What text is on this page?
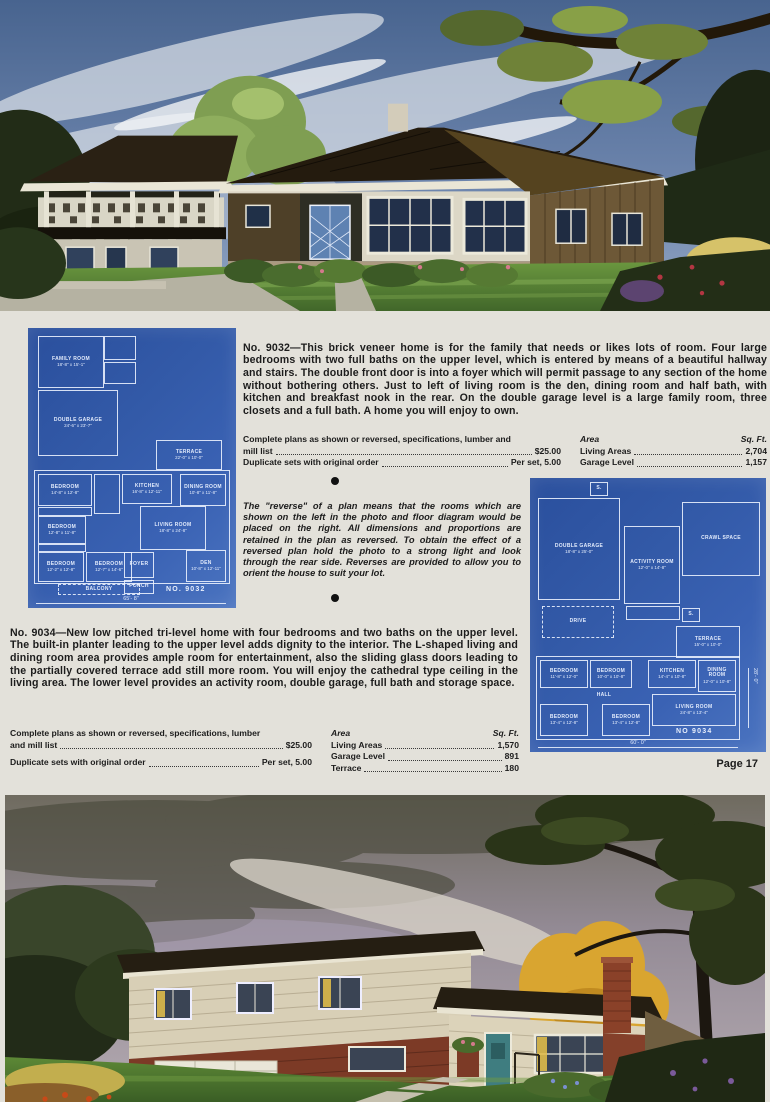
FAMILY ROOM
18'-8" x 15'-1"
DOUBLE GARAGE
24'-6" x 23'-7"
TERRACE
22'-0" x 10'-0"
BEDROOM
14'-8" x 12'-8"
BEDROOM
12'-8" x 11'-8"
BEDROOM
12'-2" x 12'-8"
BEDROOM
12'-7" x 14'-6"
KITCHEN
16'-8" x 12'-11"
DINING ROOM
10'-8" x 11'-8"
LIVING ROOM
18'-8" x 24'-8"
DEN
10'-8" x 12'-11"
FOYER
PORCH
BALCONY	NO. 9032
65'- 8"

No. 9032—This brick veneer home is for the family that needs or likes lots of room. Four large bedrooms with two full baths on the upper level, which is entered by means of a beautiful hallway and stairs. The double front door is into a foyer which will permit passage to any section of the home without bothering others. Just to left of living room is the den, dining room and half bath, with kitchen and breakfast nook in the rear. On the double garage level is a large family room, three closets and a full bath. A home you will enjoy to own.

Complete plans as shown or reversed, specifications, lumber and
mill list	$25.00
Duplicate sets with original order	Per set, 5.00
Area	Sq. Ft.
Living Areas	2,704
Garage Level	1,157

The "reverse" of a plan means that the rooms which are shown on the left in the photo and floor diagram would be placed on the right. All dimensions and proportions are retained in the plan as reversed. To obtain the effect of a reversed plan hold the photo to a strong light and look through the rear side. Reverses are provided to allow you to orient the house to suit your lot.

S.
DOUBLE GARAGE
18'-8" x 25'-0"
ACTIVITY ROOM
12'-0" x 14'-8"
CRAWL SPACE
DRIVE
S.
TERRACE
15'-0" x 10'-0"
BEDROOM
11'-8" x 12'-0"
BEDROOM
10'-0" x 10'-8"
KITCHEN
14'-4" x 10'-8"
DINING ROOM
12'-0" x 10'-8"
HALL
BEDROOM
13'-4" x 12'-8"
BEDROOM
13'-4" x 12'-8"
LIVING ROOM
24'-8" x 13'-4"
NO 9034
60'- 0"
28'- 0"

No. 9034—New low pitched tri-level home with four bedrooms and two baths on the upper level. The built-in planter leading to the upper level adds dignity to the interior. The L-shaped living and dining room area provides ample room for entertainment, also the sliding glass doors leading to the partially covered terrace add still more room. You will enjoy the cathedral type ceiling in the living area. The lower level provides an activity room, double garage, full bath and storage space.

Complete plans as shown or reversed, specifications, lumber
and mill list	$25.00
Duplicate sets with original order	Per set, 5.00
Area	Sq. Ft.
Living Areas	1,570
Garage Level	891
Terrace	180	Page 17
